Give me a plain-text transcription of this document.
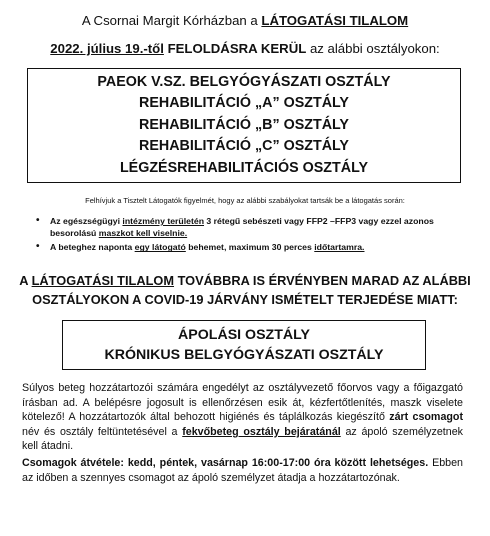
A Csornai Margit Kórházban a LÁTOGATÁSI TILALOM
2022. július 19.-től FELOLDÁSRA KERÜL az alábbi osztályokon:
PAEOK V.SZ. BELGYÓGYÁSZATI OSZTÁLY
REHABILITÁCIÓ „A” OSZTÁLY
REHABILITÁCIÓ „B” OSZTÁLY
REHABILITÁCIÓ „C” OSZTÁLY
LÉGZÉSREHABILITÁCIÓS OSZTÁLY
Felhívjuk a Tisztelt Látogatók figyelmét, hogy az alábbi szabályokat tartsák be a látogatás során:
• Az egészségügyi intézmény területén 3 rétegű sebészeti vagy FFP2 –FFP3 vagy ezzel azonos besorolású maszkot kell viselnie.
• A beteghez naponta egy látogató behemet, maximum 30 perces időtartamra.
A LÁTOGATÁSI TILALOM TOVÁBBRA IS ÉRVÉNYBEN MARAD AZ ALÁBBI OSZTÁLYOKON A COVID-19 JÁRVÁNY ISMÉTELT TERJEDÉSE MIATT:
ÁPOLÁSI OSZTÁLY
KRÓNIKUS BELGYÓGYÁSZATI OSZTÁLY

Súlyos beteg hozzátartozói számára engedélyt az osztályvezető főorvos vagy a főigazgató írásban ad. A belépésre jogosult is ellenőrzésen esik át, kézfertőtlenítés, maszk viselete kötelező! A hozzátartozók által behozott higiénés és táplálkozás kiegészítő zárt csomagot név és osztály feltüntetésével a fekvőbeteg osztály bejáratánál az ápoló személyzetnek kell átadni.

Csomagok átvétele: kedd, péntek, vasárnap 16:00-17:00 óra között lehetséges. Ebben az időben a szennyes csomagot az ápoló személyzet átadja a hozzátartozónak.
